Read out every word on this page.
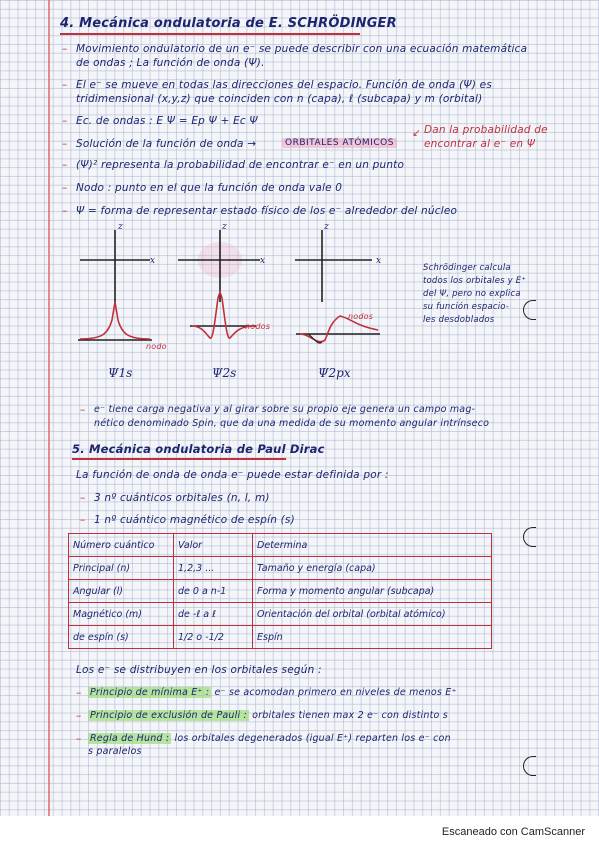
4. Mecánica ondulatoria de E. SCHRÖDINGER
– Movimiento ondulatorio de un e⁻ se puede describir con una ecuación matemática
de ondas ; La función de onda (Ψ).
– El e⁻ se mueve en todas las direcciones del espacio. Función de onda (Ψ) es
tridimensional (x,y,z) que coinciden con n (capa), ℓ (subcapa) y m (orbital)
– Ec. de ondas : E Ψ = Ep Ψ + Ec Ψ
– Solución de la función de onda →	ORBITALES ATÓMICOS
↙ Dan la probabilidad de
encontrar al e⁻ en Ψ
– (Ψ)² representa la probabilidad de encontrar e⁻ en un punto
– Nodo : punto en el que la función de onda vale 0
– Ψ = forma de representar estado físico de los e⁻ alrededor del núcleo
z
x
z
x
z
x
nodo
nodos
nodos
Ψ1s	Ψ2s	Ψ2px
Schrödinger calcula
todos los orbitales y E⁺
del Ψ, pero no explica
su función espacio-
les desdoblados
– e⁻ tiene carga negativa y al girar sobre su propio eje genera un campo mag-
nético denominado Spin, que da una medida de su momento angular intrínseco
5. Mecánica ondulatoria de Paul Dirac
La función de onda de onda e⁻ puede estar definida por :
– 3 nº cuánticos orbitales (n, l, m)
– 1 nº cuántico magnético de espín (s)
Número cuántico	Valor	Determina
Principal (n)	1,2,3 ...	Tamaño y energía (capa)
Angular (l)	de 0 a n-1	Forma y momento angular (subcapa)
Magnético (m)	de -ℓ a ℓ	Orientación del orbital (orbital atómico)
de espín (s)	1/2 o -1/2	Espín
Los e⁻ se distribuyen en los orbitales según :
– Principio de mínima E⁺ : e⁻ se acomodan primero en niveles de menos E⁺
– Principio de exclusión de Pauli : orbitales tienen max 2 e⁻ con distinto s
– Regla de Hund : los orbitales degenerados (igual E⁺) reparten los e⁻ con
s paralelos
Escaneado con CamScanner
